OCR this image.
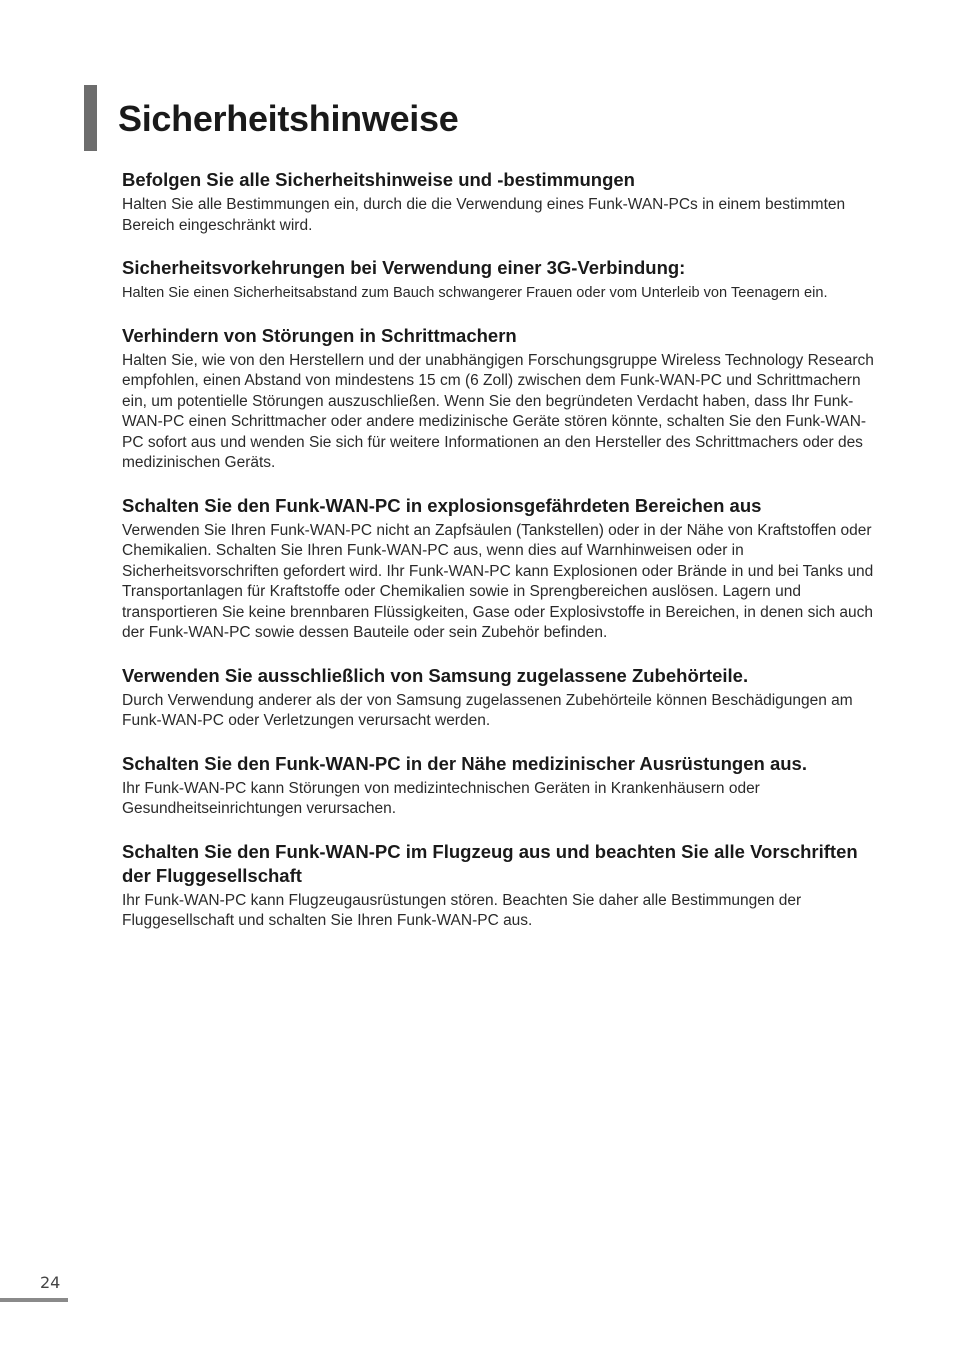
Sicherheitshinweise
Befolgen Sie alle Sicherheitshinweise und -bestimmungen

Halten Sie alle Bestimmungen ein, durch die die Verwendung eines Funk-WAN-PCs in einem bestimmten Bereich eingeschränkt wird.

Sicherheitsvorkehrungen bei Verwendung einer 3G-Verbindung:

Halten Sie einen Sicherheitsabstand zum Bauch schwangerer Frauen oder vom Unterleib von Teenagern ein.

Verhindern von Störungen in Schrittmachern

Halten Sie, wie von den Herstellern und der unabhängigen Forschungsgruppe Wireless Technology Research empfohlen, einen Abstand von mindestens 15 cm (6 Zoll) zwischen dem Funk-WAN-PC und Schrittmachern ein, um potentielle Störungen auszuschließen. Wenn Sie den begründeten Verdacht haben, dass Ihr Funk-WAN-PC einen Schrittmacher oder andere medizinische Geräte stören könnte, schalten Sie den Funk-WAN-PC sofort aus und wenden Sie sich für weitere Informationen an den Hersteller des Schrittmachers oder des medizinischen Geräts.

Schalten Sie den Funk-WAN-PC in explosionsgefährdeten Bereichen aus

Verwenden Sie Ihren Funk-WAN-PC nicht an Zapfsäulen (Tankstellen) oder in der Nähe von Kraftstoffen oder Chemikalien. Schalten Sie Ihren Funk-WAN-PC aus, wenn dies auf Warnhinweisen oder in Sicherheitsvorschriften gefordert wird. Ihr Funk-WAN-PC kann Explosionen oder Brände in und bei Tanks und Transportanlagen für Kraftstoffe oder Chemikalien sowie in Sprengbereichen auslösen. Lagern und transportieren Sie keine brennbaren Flüssigkeiten, Gase oder Explosivstoffe in Bereichen, in denen sich auch der Funk-WAN-PC sowie dessen Bauteile oder sein Zubehör befinden.

Verwenden Sie ausschließlich von Samsung zugelassene Zubehörteile.

Durch Verwendung anderer als der von Samsung zugelassenen Zubehörteile können Beschädigungen am Funk-WAN-PC oder Verletzungen verursacht werden.

Schalten Sie den Funk-WAN-PC in der Nähe medizinischer Ausrüstungen aus.

Ihr Funk-WAN-PC kann Störungen von medizintechnischen Geräten in Krankenhäusern oder Gesundheitseinrichtungen verursachen.

Schalten Sie den Funk-WAN-PC im Flugzeug aus und beachten Sie alle Vorschriften der Fluggesellschaft

Ihr Funk-WAN-PC kann Flugzeugausrüstungen stören. Beachten Sie daher alle Bestimmungen der Fluggesellschaft und schalten Sie Ihren Funk-WAN-PC aus.

24
